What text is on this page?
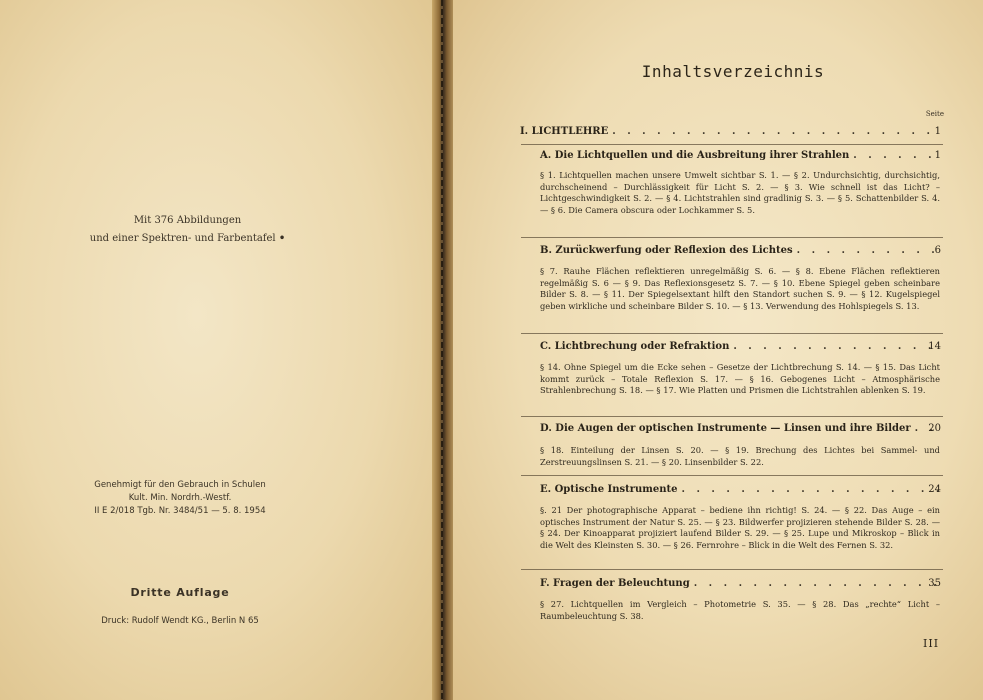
Mit 376 Abbildungen
und einer Spektren- und Farbentafel •
Genehmigt für den Gebrauch in Schulen
Kult. Min. Nordrh.-Westf.
II E 2/018 Tgb. Nr. 3484/51 — 5. 8. 1954
Dritte Auflage
Druck: Rudolf Wendt KG., Berlin N 65
Inhaltsverzeichnis
Seite
I. LICHTLEHRE . . .	1
A. Die Lichtquellen und die Ausbreitung ihrer Strahlen . . .	1
§ 1. Lichtquellen machen unsere Umwelt sichtbar S. 1. — § 2. Undurchsichtig, durchsichtig, durchscheinend – Durchlässigkeit für Licht S. 2. — § 3. Wie schnell ist das Licht? – Lichtgeschwindigkeit S. 2. — § 4. Lichtstrahlen sind gradlinig S. 3. — § 5. Schattenbilder S. 4. — § 6. Die Camera obscura oder Lochkammer S. 5.
B. Zurückwerfung oder Reflexion des Lichtes . . .	6
§ 7. Rauhe Flächen reflektieren unregelmäßig S. 6. — § 8. Ebene Flächen reflektieren regelmäßig S. 6 — § 9. Das Reflexionsgesetz S. 7. — § 10. Ebene Spiegel geben scheinbare Bilder S. 8. — § 11. Der Spiegelsextant hilft den Standort suchen S. 9. — § 12. Kugelspiegel geben wirkliche und scheinbare Bilder S. 10. — § 13. Verwendung des Hohlspiegels S. 13.
C. Lichtbrechung oder Refraktion . . .	14
§ 14. Ohne Spiegel um die Ecke sehen – Gesetze der Lichtbrechung S. 14. — § 15. Das Licht kommt zurück – Totale Reflexion S. 17. — § 16. Gebogenes Licht – Atmosphärische Strahlenbrechung S. 18. — § 17. Wie Platten und Prismen die Lichtstrahlen ablenken S. 19.
D. Die Augen der optischen Instrumente — Linsen und ihre Bilder . . .	20
§ 18. Einteilung der Linsen S. 20. — § 19. Brechung des Lichtes bei Sammel- und Zerstreuungslinsen S. 21. — § 20. Linsenbilder S. 22.
E. Optische Instrumente . . .	24
§. 21 Der photographische Apparat – bediene ihn richtig! S. 24. — § 22. Das Auge – ein optisches Instrument der Natur S. 25. — § 23. Bildwerfer projizieren stehende Bilder S. 28. — § 24. Der Kinoapparat projiziert laufend Bilder S. 29. — § 25. Lupe und Mikroskop – Blick in die Welt des Kleinsten S. 30. — § 26. Fernrohre – Blick in die Welt des Fernen S. 32.
F. Fragen der Beleuchtung . . .	35
§ 27. Lichtquellen im Vergleich – Photometrie S. 35. — § 28. Das „rechte“ Licht – Raumbeleuchtung S. 38.
III
